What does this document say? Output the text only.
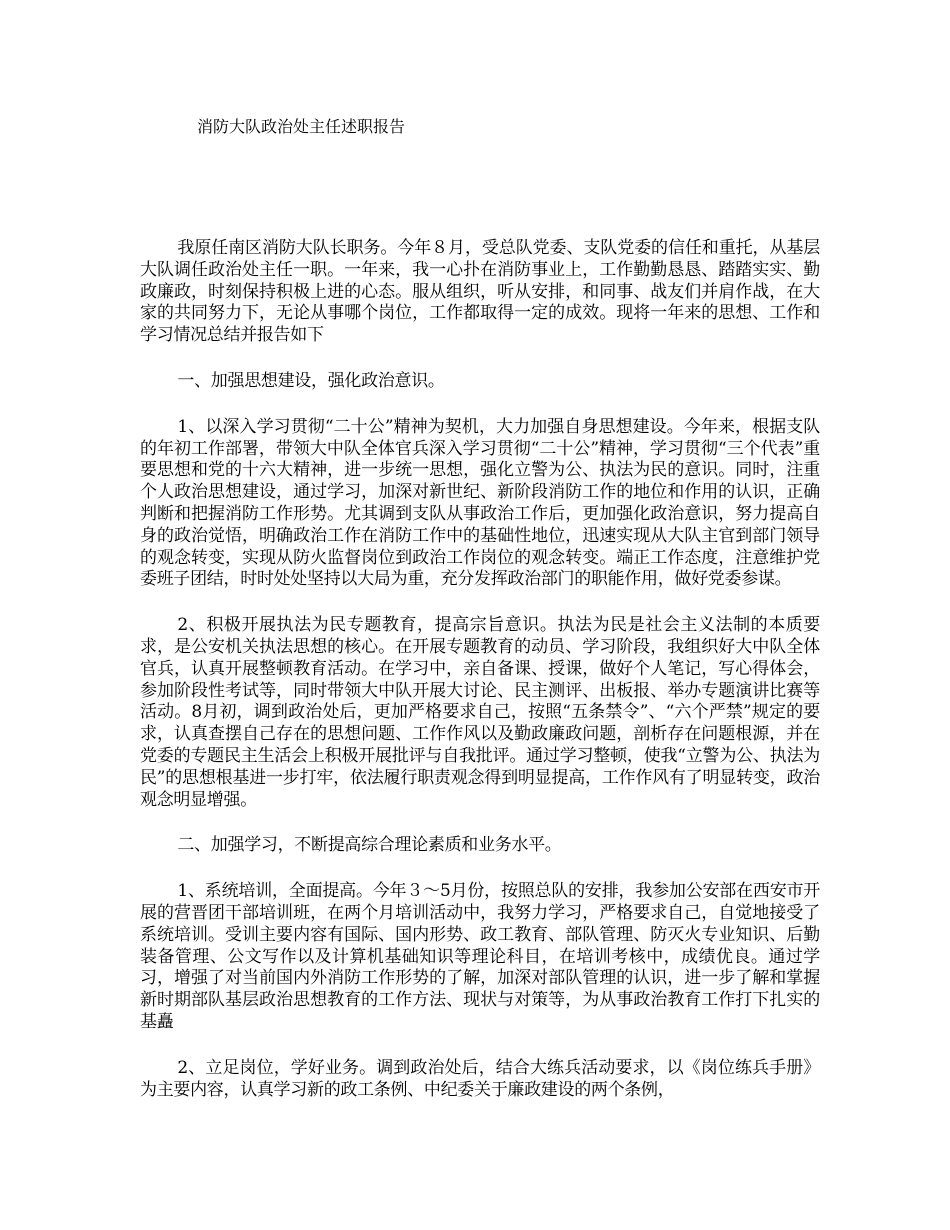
消防大队政治处主任述职报告

我原任南区消防大队长职务。今年８月，受总队党委、支队党委的信任和重托，从基层大队调任政治处主任一职。一年来，我一心扑在消防事业上，工作勤勤恳恳、踏踏实实、勤政廉政，时刻保持积极上进的心态。服从组织，听从安排，和同事、战友们并肩作战，在大家的共同努力下，无论从事哪个岗位，工作都取得一定的成效。现将一年来的思想、工作和学习情况总结并报告如下

一、加强思想建设，强化政治意识。

1、以深入学习贯彻“二十公”精神为契机，大力加强自身思想建设。今年来，根据支队的年初工作部署，带领大中队全体官兵深入学习贯彻“二十公”精神，学习贯彻“三个代表”重要思想和党的十六大精神，进一步统一思想，强化立警为公、执法为民的意识。同时，注重个人政治思想建设，通过学习，加深对新世纪、新阶段消防工作的地位和作用的认识，正确判断和把握消防工作形势。尤其调到支队从事政治工作后，更加强化政治意识，努力提高自身的政治觉悟，明确政治工作在消防工作中的基础性地位，迅速实现从大队主官到部门领导的观念转变，实现从防火监督岗位到政治工作岗位的观念转变。端正工作态度，注意维护党委班子团结，时时处处坚持以大局为重，充分发挥政治部门的职能作用，做好党委参谋。

2、积极开展执法为民专题教育，提高宗旨意识。执法为民是社会主义法制的本质要求，是公安机关执法思想的核心。在开展专题教育的动员、学习阶段，我组织好大中队全体官兵，认真开展整顿教育活动。在学习中，亲自备课、授课，做好个人笔记，写心得体会，参加阶段性考试等，同时带领大中队开展大讨论、民主测评、出板报、举办专题演讲比赛等活动。8月初，调到政治处后，更加严格要求自己，按照“五条禁令”、“六个严禁”规定的要求，认真查摆自己存在的思想问题、工作作风以及勤政廉政问题，剖析存在问题根源，并在党委的专题民主生活会上积极开展批评与自我批评。通过学习整顿，使我“立警为公、执法为民”的思想根基进一步打牢，依法履行职责观念得到明显提高，工作作风有了明显转变，政治观念明显增强。

二、加强学习，不断提高综合理论素质和业务水平。

1、系统培训，全面提高。今年３～5月份，按照总队的安排，我参加公安部在西安市开展的营晋团干部培训班，在两个月培训活动中，我努力学习，严格要求自己，自觉地接受了系统培训。受训主要内容有国际、国内形势、政工教育、部队管理、防灭火专业知识、后勤装备管理、公文写作以及计算机基础知识等理论科目，在培训考核中，成绩优良。通过学习，增强了对当前国内外消防工作形势的了解，加深对部队管理的认识，进一步了解和掌握新时期部队基层政治思想教育的工作方法、现状与对策等，为从事政治教育工作打下扎实的基矗

2、立足岗位，学好业务。调到政治处后，结合大练兵活动要求，以《岗位练兵手册》为主要内容，认真学习新的政工条例、中纪委关于廉政建设的两个条例，
